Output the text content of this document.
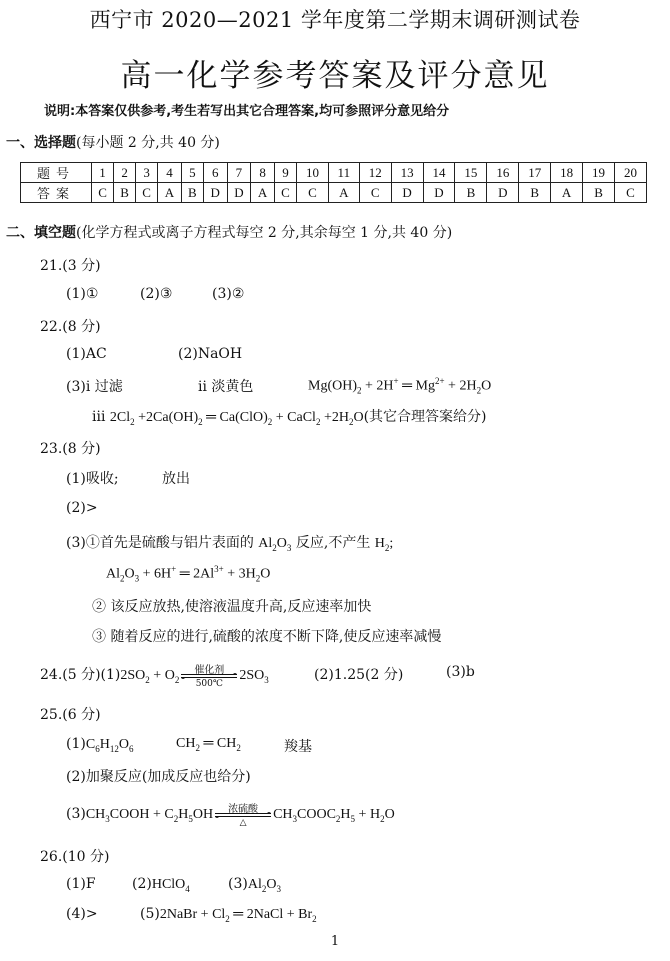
西宁市 2020—2021 学年度第二学期末调研测试卷
高一化学参考答案及评分意见
说明:本答案仅供参考,考生若写出其它合理答案,均可参照评分意见给分
一、选择题(每小题 2 分,共 40 分)
题号	1	2	3	4	5	6	7	8	9	10	11	12	13	14	15	16	17	18	19	20
答案	C	B	C	A	B	D	D	A	C	C	A	C	D	D	B	D	B	A	B	C
二、填空题(化学方程式或离子方程式每空 2 分,其余每空 1 分,共 40 分)
21.(3 分)
(1)①	(2)③	(3)②
22.(8 分)
(1)AC	(2)NaOH
(3)ⅰ 过滤	ⅱ 淡黄色	$Mg(OH)_2 + 2H^+$ ═ $Mg^{2+} + 2H_2O$
ⅲ $2Cl_2 +2Ca(OH)_2$ ═ $Ca(ClO)_2$ + CaCl$_2$ $+2H_2O$(其它合理答案给分)
23.(8 分)
(1)吸收;	放出
(2)>
(3)①首先是硫酸与铝片表面的 $Al_2O_3$ 反应,不产生 $H_2$;
$Al_2O_3 + 6H^+$ ═ $2Al^{3+} + 3H_2O$
② 该反应放热,使溶液温度升高,反应速率加快
③ 随着反应的进行,硫酸的浓度不断下降,使反应速率减慢
24.(5 分)$(1)2SO_2 + O_2$
催化剂
500℃
$2SO_3$	(2)1.25(2 分)	(3)b
25.(6 分)
$(1)C_6H_{12}O_6$	$CH_2$ ═ $CH_2$	羧基
(2)加聚反应(加成反应也给分)
$(3)CH_3COOH + C_2H_5OH$	浓硫酸
△
$CH_3COOC_2H_5 + H_2O$
26.(10 分)
(1)F	(2)HClO$_4$	$(3)Al_2O_3$
(4)>	(5)2NaBr + $Cl_2$ ═ 2NaCl + $Br_2$
1
